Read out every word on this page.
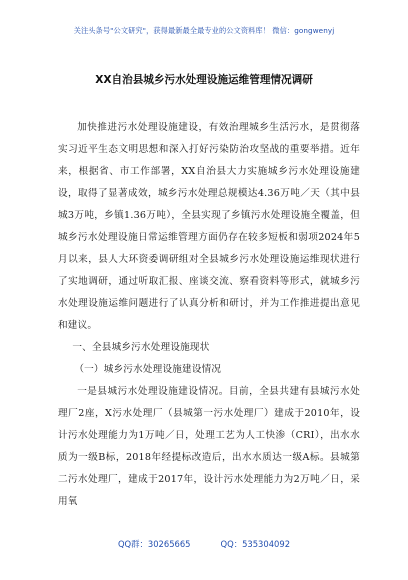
关注头条号"公文研究"，获得最新最全最专业的公文资料库！ 微信：gongwenyj
XX自治县城乡污水处理设施运维管理情况调研

加快推进污水处理设施建设，有效治理城乡生活污水，是贯彻落实习近平生态文明思想和深入打好污染防治攻坚战的重要举措。近年来，根据省、市工作部署，XX自治县大力实施城乡污水处理设施建设，取得了显著成效，城乡污水处理总规模达4.36万吨／天（其中县城3万吨，乡镇1.36万吨），全县实现了乡镇污水处理设施全覆盖，但城乡污水处理设施日常运维管理方面仍存在较多短板和弱项2024年5月以来，县人大环资委调研组对全县城乡污水处理设施运维现状进行了实地调研，通过听取汇报、座谈交流、察看资料等形式，就城乡污水处理设施运维问题进行了认真分析和研讨，并为工作推进提出意见和建议。

一、全县城乡污水处理设施现状

（一）城乡污水处理设施建设情况

一是县城污水处理设施建设情况。目前，全县共建有县城污水处理厂2座，X污水处理厂（县城第一污水处理厂）建成于2010年，设计污水处理能力为1万吨／日，处理工艺为人工快渗（CRI），出水水质为一级B标，2018年经提标改造后，出水水质达一级A标。县城第二污水处理厂，建成于2017年，设计污水处理能力为2万吨／日，采用氧

QQ群：30265665	QQ：535304092
